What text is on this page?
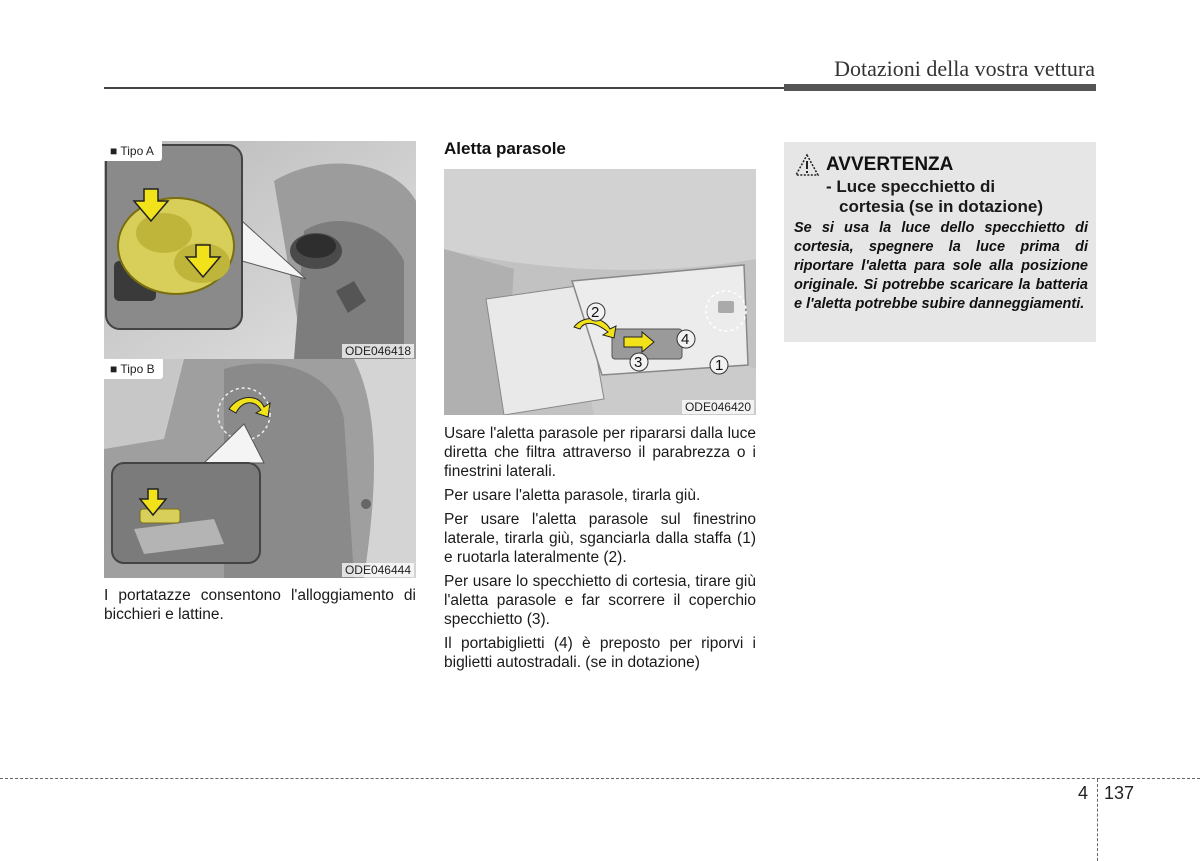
Dotazioni della vostra vettura
■ Tipo A
ODE046418
■ Tipo B
ODE046444

I portatazze consentono l'alloggiamento di bicchieri e lattine.

Aletta parasole
2
4
3	1
ODE046420

Usare l'aletta parasole per ripararsi dalla luce diretta che filtra attraverso il parabrezza o i finestrini laterali.

Per usare l'aletta parasole, tirarla giù.

Per usare l'aletta parasole sul finestrino laterale, tirarla giù, sganciarla dalla staffa (1) e ruotarla lateralmente (2).

Per usare lo specchietto di cortesia, tirare giù l'aletta parasole e far scorrere il coperchio specchietto (3).

Il portabiglietti (4) è preposto per riporvi i biglietti autostradali. (se in dotazione)

AVVERTENZA
- Luce specchietto di
cortesia (se in dotazione)
Se si usa la luce dello specchietto di cortesia, spegnere la luce prima di riportare l'aletta para sole alla posizione originale. Si potrebbe scaricare la batteria e l'aletta potrebbe subire danneggiamenti.
4 137
